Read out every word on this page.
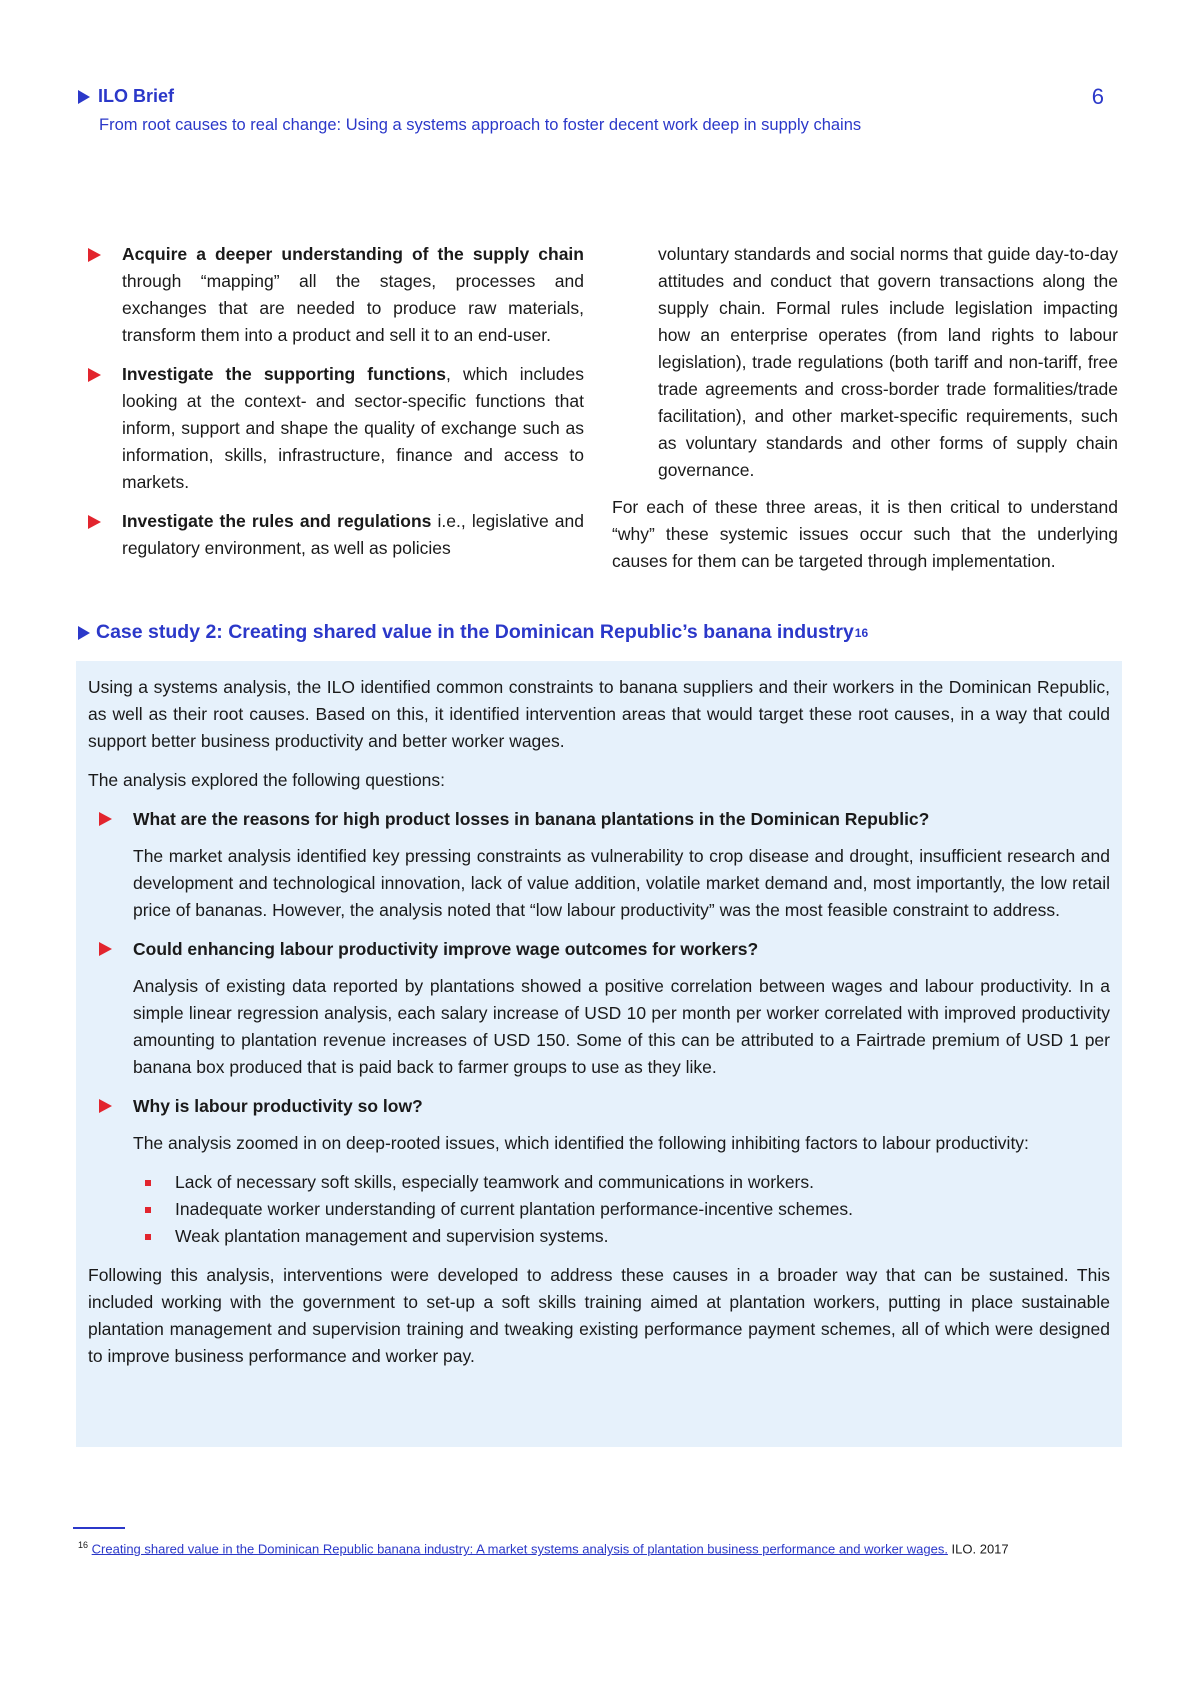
ILO Brief	6
From root causes to real change: Using a systems approach to foster decent work deep in supply chains
Acquire a deeper understanding of the supply chain through “mapping” all the stages, processes and exchanges that are needed to produce raw materials, transform them into a product and sell it to an end-user.
Investigate the supporting functions, which includes looking at the context- and sector-specific functions that inform, support and shape the quality of exchange such as information, skills, infrastructure, finance and access to markets.
Investigate the rules and regulations i.e., legislative and regulatory environment, as well as policies
voluntary standards and social norms that guide day-to-day attitudes and conduct that govern transactions along the supply chain. Formal rules include legislation impacting how an enterprise operates (from land rights to labour legislation), trade regulations (both tariff and non-tariff, free trade agreements and cross-border trade formalities/trade facilitation), and other market-specific requirements, such as voluntary standards and other forms of supply chain governance.
For each of these three areas, it is then critical to understand “why” these systemic issues occur such that the underlying causes for them can be targeted through implementation.
Case study 2: Creating shared value in the Dominican Republic’s banana industry 16

Using a systems analysis, the ILO identified common constraints to banana suppliers and their workers in the Dominican Republic, as well as their root causes. Based on this, it identified intervention areas that would target these root causes, in a way that could support better business productivity and better worker wages.

The analysis explored the following questions:

What are the reasons for high product losses in banana plantations in the Dominican Republic?
The market analysis identified key pressing constraints as vulnerability to crop disease and drought, insufficient research and development and technological innovation, lack of value addition, volatile market demand and, most importantly, the low retail price of bananas. However, the analysis noted that “low labour productivity” was the most feasible constraint to address.
Could enhancing labour productivity improve wage outcomes for workers?
Analysis of existing data reported by plantations showed a positive correlation between wages and labour productivity. In a simple linear regression analysis, each salary increase of USD 10 per month per worker correlated with improved productivity amounting to plantation revenue increases of USD 150. Some of this can be attributed to a Fairtrade premium of USD 1 per banana box produced that is paid back to farmer groups to use as they like.
Why is labour productivity so low?
The analysis zoomed in on deep-rooted issues, which identified the following inhibiting factors to labour productivity:
Lack of necessary soft skills, especially teamwork and communications in workers.
Inadequate worker understanding of current plantation performance-incentive schemes.
Weak plantation management and supervision systems.

Following this analysis, interventions were developed to address these causes in a broader way that can be sustained. This included working with the government to set-up a soft skills training aimed at plantation workers, putting in place sustainable plantation management and supervision training and tweaking existing performance payment schemes, all of which were designed to improve business performance and worker pay.

$^{16}$ Creating shared value in the Dominican Republic banana industry: A market systems analysis of plantation business performance and worker wages. ILO. 2017
